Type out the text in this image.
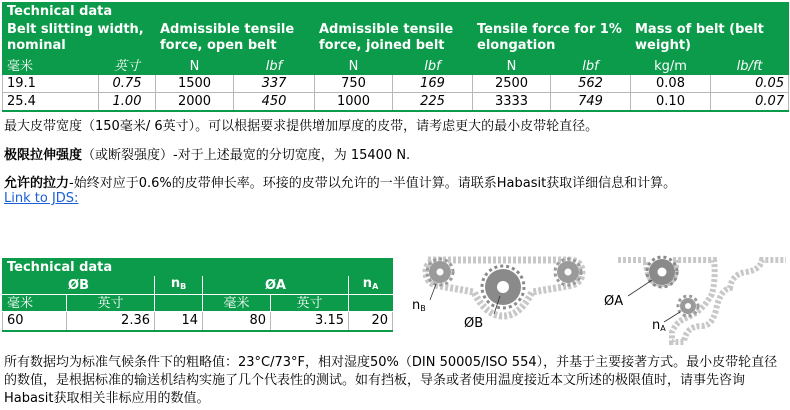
Technical data									
Belt slitting width, nominal		Admissible tensile force, open belt		Admissible tensile force, joined belt		Tensile force for 1% elongation		Mass of belt (belt weight)	
毫米	英寸	N	lbf	N	lbf	N	lbf	kg/m	lb/ft
19.1	0.75	1500	337	750	169	2500	562	0.08	0.05
25.4	1.00	2000	450	1000	225	3333	749	0.10	0.07
最大皮带宽度（150毫米/ 6英寸）。可以根据要求提供增加厚度的皮带，请考虑更大的最小皮带轮直径。
极限拉伸强度（或断裂强度）-对于上述最宽的分切宽度，为 15400 N.
允许的拉力-始终对应于0.6%的皮带伸长率。环接的皮带以允许的一半值计算。请联系Habasit获取详细信息和计算。
Link to JDS:
Technical data					
ØB		$n_B$	ØA		$n_A$
毫米	英寸		毫米	英寸	
60	2.36	14	80	3.15	20
$n_B$
ØB
ØA
$n_A$
所有数据均为标准气候条件下的粗略值：23°C/73°F，相对湿度50%（DIN 50005/ISO 554），并基于主要接著方式。最小皮带轮直径的数值，是根据标准的输送机结构实施了几个代表性的测试。如有挡板，导条或者使用温度接近本文所述的极限值时，请事先咨询Habasit获取相关非标应用的数值。
